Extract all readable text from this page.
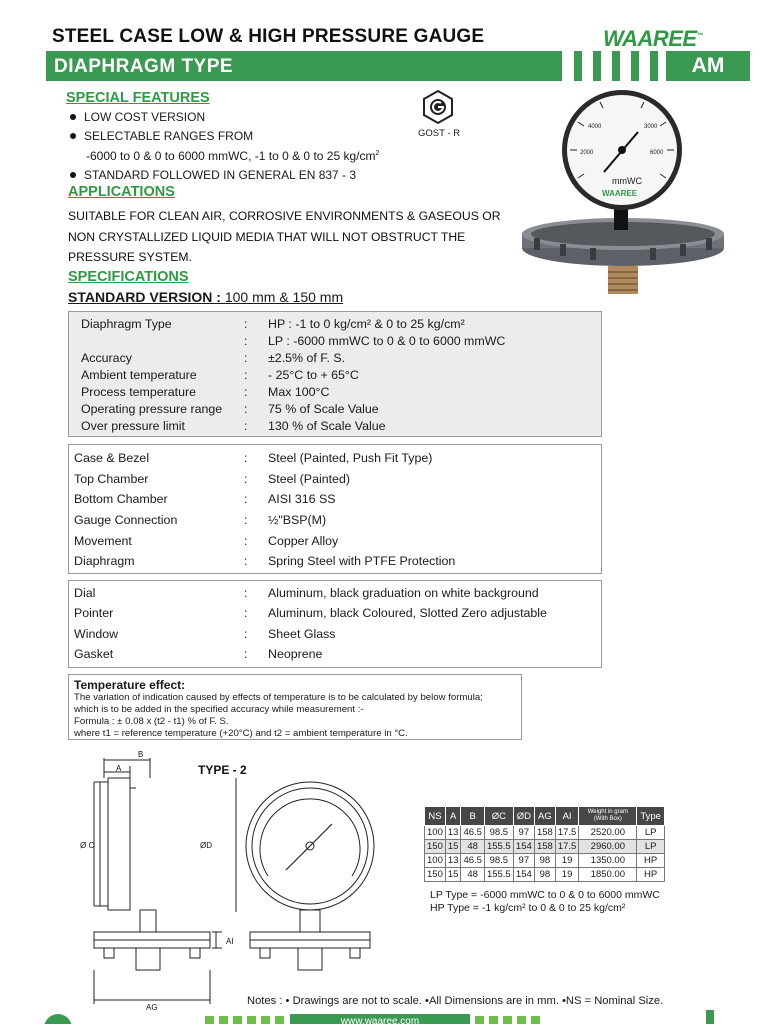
STEEL CASE LOW & HIGH PRESSURE GAUGE
DIAPHRAGM TYPE
WAAREE™
AM
SPECIAL FEATURES
LOW COST VERSION
SELECTABLE RANGES FROM
-6000 to 0 & 0 to 6000 mmWC, -1 to 0 & 0 to 25 $kg/cm^2$
STANDARD FOLLOWED IN GENERAL EN 837 - 3
GOST - R
mmWC
WAAREE
4000
2000
3000
6000
APPLICATIONS
SUITABLE FOR CLEAN AIR, CORROSIVE ENVIRONMENTS & GASEOUS OR
NON CRYSTALLIZED LIQUID MEDIA THAT WILL NOT OBSTRUCT THE
PRESSURE SYSTEM.
SPECIFICATIONS
STANDARD VERSION : 100 mm & 150 mm
Diaphragm Type	: HP : -1 to 0 kg/cm² & 0 to 25 kg/cm²
: LP : -6000 mmWC to 0 & 0 to 6000 mmWC
Accuracy	: ±2.5% of F. S.
Ambient temperature	: - 25°C to + 65°C
Process temperature	: Max 100°C
Operating pressure range : 75 % of Scale Value
Over pressure limit	: 130 % of Scale Value
Case & Bezel	: Steel (Painted, Push Fit Type)
Top Chamber	: Steel (Painted)
Bottom Chamber	: AISI 316 SS
Gauge Connection	: ½"BSP(M)
Movement	: Copper Alloy
Diaphragm	: Spring Steel with PTFE Protection
Dial	: Aluminum, black graduation on white background
Pointer	: Aluminum, black Coloured, Slotted Zero adjustable
Window	: Sheet Glass
Gasket	: Neoprene
Temperature effect:
The variation of indication caused by effects of temperature is to be calculated by below formula;
which is to be added in the specified accuracy while measurement :-
Formula : ± 0.08 x (t2 - t1) % of F. S.
where t1 = reference temperature (+20°C) and t2 = ambient temperature in °C.
B
A
Ø C	ØD
AI
AG
TYPE - 2
NS	A	B	ØC	ØD	AG	AI	Weight in gram (With Box)	Type
100	13	46.5	98.5	97	158	17.5	2520.00	LP
150	15	48	155.5	154	158	17.5	2960.00	LP
100	13	46.5	98.5	97	98	19	1350.00	HP
150	15	48	155.5	154	98	19	1850.00	HP
LP Type = -6000 mmWC to 0 & 0 to 6000 mmWC
HP Type = -1 kg/cm² to 0 & 0 to 25 kg/cm²
Notes : • Drawings are not to scale. •All Dimensions are in mm. •NS = Nominal Size.
www.waaree.com
